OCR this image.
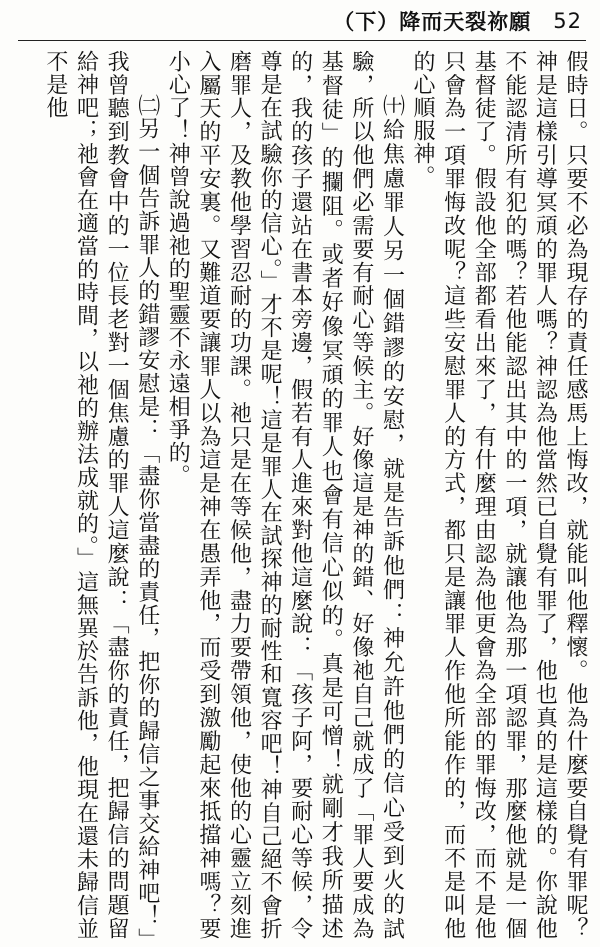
（下）降而天裂祢願 52

假時日。只要不必為現存的責任感馬上悔改，就能叫他釋懷。他為什麼要自覺有罪呢？神是這樣引導冥頑的罪人嗎？神認為他當然已自覺有罪了，他也真的是這樣的。你說他不能認清所有犯的嗎？若他能認出其中的一項，就讓他為那一項認罪，那麼他就是一個基督徒了。假設他全部都看出來了，有什麼理由認為他更會為全部的罪悔改，而不是他只會為一項罪悔改呢？這些安慰罪人的方式，都只是讓罪人作他所能作的，而不是叫他的心順服神。

㈩給焦慮罪人另一個錯謬的安慰，就是告訴他們：神允許他們的信心受到火的試驗，所以他們必需要有耐心等候主。好像這是神的錯、好像祂自己就成了「罪人要成為基督徒」的攔阻。或者好像冥頑的罪人也會有信心似的。真是可憎！就剛才我所描述的，我的孩子還站在書本旁邊，假若有人進來對他這麼說：「孩子阿，要耐心等候，令尊是在試驗你的信心。」才不是呢！這是罪人在試探神的耐性和寬容吧！神自己絕不會折磨罪人，及教他學習忍耐的功課。祂只是在等候他，盡力要帶領他，使他的心靈立刻進入屬天的平安裏。又難道要讓罪人以為這是神在愚弄他，而受到激勵起來抵擋神嗎？要小心了！神曾說過祂的聖靈不永遠相爭的。

㈡另一個告訴罪人的錯謬安慰是：「盡你當盡的責任，把你的歸信之事交給神吧！」我曾聽到教會中的一位長老對一個焦慮的罪人這麼說：「盡你的責任，把歸信的問題留給神吧；祂會在適當的時間，以祂的辦法成就的。」這無異於告訴他，他現在還未歸信並不是他
